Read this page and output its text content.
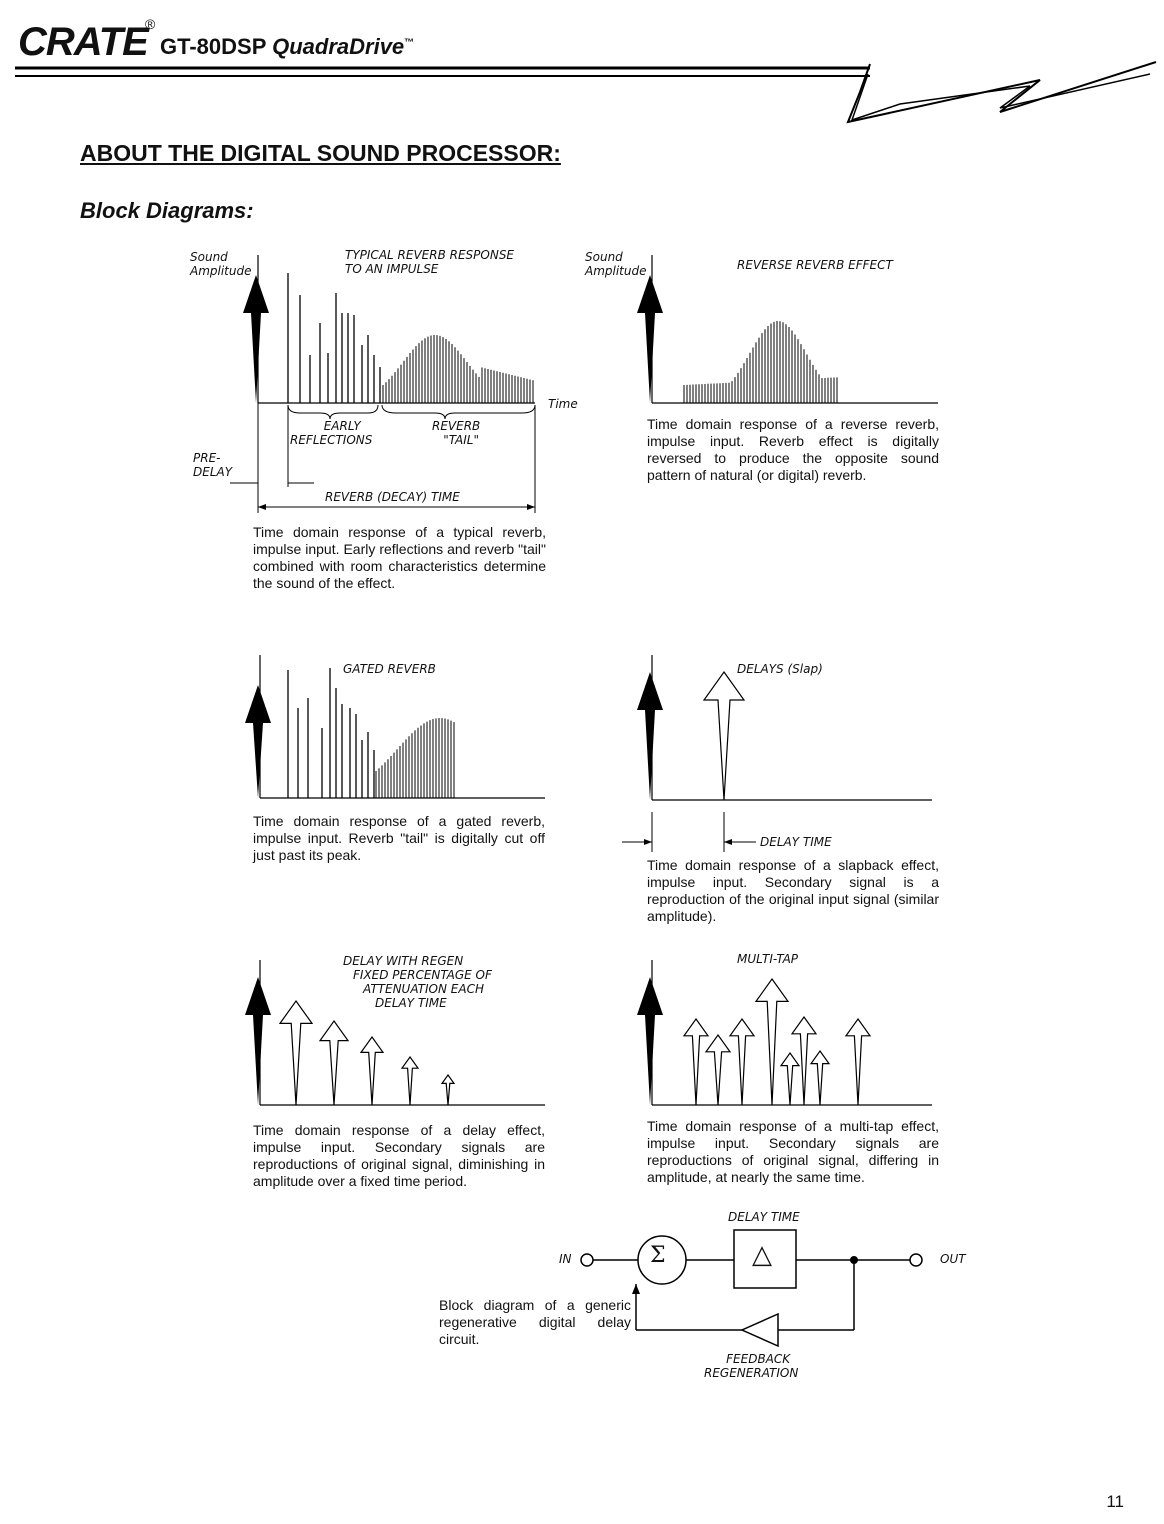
CRATE
®
GT-80DSP QuadraDrive™
ABOUT THE DIGITAL SOUND PROCESSOR:
Block Diagrams:
Sound
Amplitude
TYPICAL REVERB RESPONSE
TO AN IMPULSE
Time
EARLY
REFLECTIONS
REVERB
"TAIL"
PRE-
DELAY
REVERB (DECAY) TIME
Time domain response of a typical reverb, impulse input. Early reflections and reverb "tail" combined with room characteristics determine the sound of the effect.
Sound
Amplitude	REVERSE REVERB EFFECT
Time domain response of a reverse reverb, impulse input. Reverb effect is digitally reversed to produce the opposite sound pattern of natural (or digital) reverb.
GATED REVERB
Time domain response of a gated reverb, impulse input. Reverb "tail" is digitally cut off just past its peak.
DELAYS (Slap)
DELAY TIME
Time domain response of a slapback effect, impulse input. Secondary signal is a reproduction of the original input signal (similar amplitude).
DELAY WITH REGEN
FIXED PERCENTAGE OF
ATTENUATION EACH
DELAY TIME
Time domain response of a delay effect, impulse input. Secondary signals are reproductions of original signal, diminishing in amplitude over a fixed time period.
MULTI-TAP
Time domain response of a multi-tap effect, impulse input. Secondary signals are reproductions of original signal, differing in amplitude, at nearly the same time.
DELAY TIME
IN	OUT
Σ	△
FEEDBACK
REGENERATION
Block diagram of a generic regenerative digital delay circuit.
11
